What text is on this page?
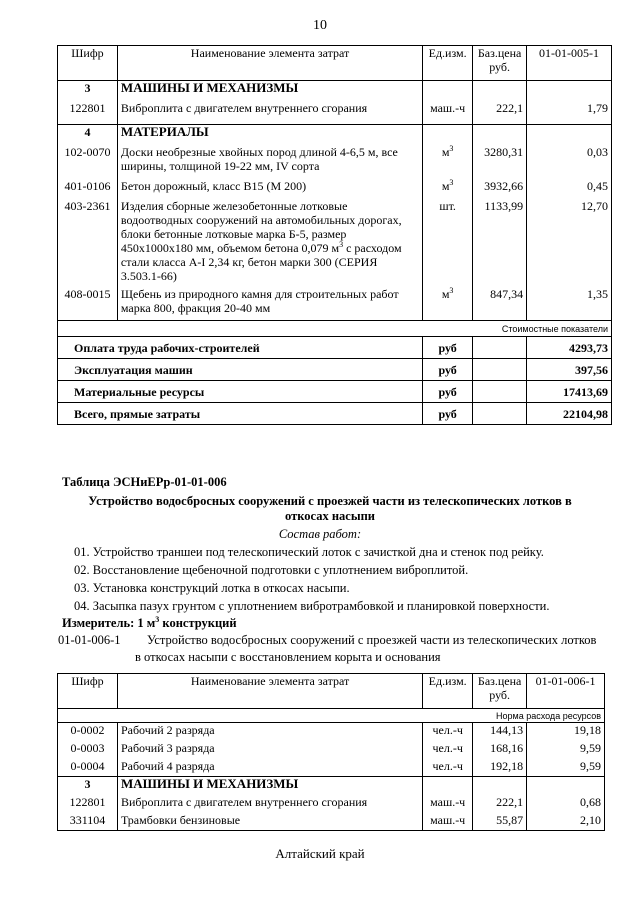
10
Шифр	Наименование элемента затрат	Ед.изм.	Баз.цена руб.	01-01-005-1
3	МАШИНЫ И МЕХАНИЗМЫ			
122801	Виброплита с двигателем внутреннего сгорания	маш.-ч	222,1	1,79
4	МАТЕРИАЛЫ			
102-0070	Доски необрезные хвойных пород длиной 4-6,5 м, все ширины, толщиной 19-22 мм, IV сорта	$м^3$	3280,31	0,03
401-0106	Бетон дорожный, класс В15 (М 200)	$м^3$	3932,66	0,45
403-2361	Изделия сборные железобетонные лотковые водоотводных сооружений на автомобильных дорогах, блоки бетонные лотковые марка Б-5, размер 450х1000х180 мм, объемом бетона 0,079 $м^3$ с расходом стали класса А-I 2,34 кг, бетон марки 300 (СЕРИЯ 3.503.1-66)	шт.	1133,99	12,70
408-0015	Щебень из природного камня для строительных работ марка 800, фракция 20-40 мм	$м^3$	847,34	1,35
Стоимостные показатели				
Оплата труда рабочих-строителей		руб		4293,73
Эксплуатация машин		руб		397,56
Материальные ресурсы		руб		17413,69
Всего, прямые затраты		руб		22104,98
Таблица ЭСНиЕРр-01-01-006
Устройство водосбросных сооружений с проезжей части из телескопических лотков в откосах насыпи
Состав работ:
01. Устройство траншеи под телескопический лоток с зачисткой дна и стенок под рейку.
02. Восстановление щебеночной подготовки с уплотнением виброплитой.
03. Установка конструкций лотка в откосах насыпи.
04. Засыпка пазух грунтом с уплотнением вибротрамбовкой и планировкой поверхности.
Измеритель: 1 $м^3$ конструкций
01-01-006-1 Устройство водосбросных сооружений с проезжей части из телескопических лотков
в откосах насыпи с восстановлением корыта и основания
Шифр	Наименование элемента затрат	Ед.изм.	Баз.цена руб.	01-01-006-1
Норма расхода ресурсов				
0-0002	Рабочий 2 разряда	чел.-ч	144,13	19,18
0-0003	Рабочий 3 разряда	чел.-ч	168,16	9,59
0-0004	Рабочий 4 разряда	чел.-ч	192,18	9,59
3	МАШИНЫ И МЕХАНИЗМЫ			
122801	Виброплита с двигателем внутреннего сгорания	маш.-ч	222,1	0,68
331104	Трамбовки бензиновые	маш.-ч	55,87	2,10
Алтайский край
